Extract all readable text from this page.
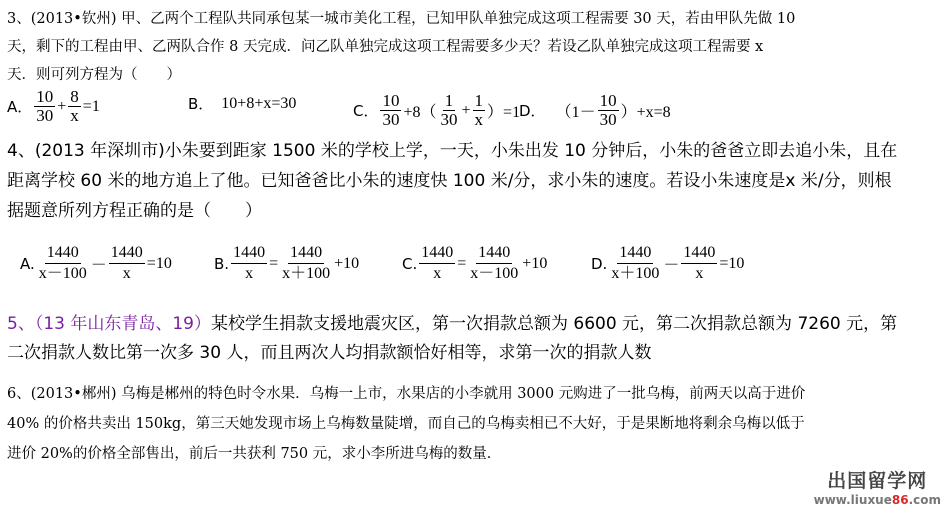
3、(2013•钦州) 甲、乙两个工程队共同承包某一城市美化工程，已知甲队单独完成这项工程需要 30 天，若由甲队先做 10
天，剩下的工程由甲、乙两队合作 8 天完成．问乙队单独完成这项工程需要多少天？若设乙队单独完成这项工程需要 x
天．则可列方程为（　　）
A． $\frac{10}{30} + \frac{8}{x} =1$	B． 10+8+x=30	C． $\frac{10}{30} +8( \frac{1}{30} + \frac{1}{x} )=1$
D． $(1- \frac{10}{30} )+x=8$
4、(2013 年深圳市)小朱要到距家 1500 米的学校上学，一天，小朱出发 10 分钟后，小朱的爸爸立即去追小朱，且在
距离学校 60 米的地方追上了他。已知爸爸比小朱的速度快 100 米/分，求小朱的速度。若设小朱速度是x 米/分，则根
据题意所列方程正确的是（　　）
A. $\frac{1440}{x-100} - \frac{1440}{x} =10$	B. $\frac{1440}{x} = \frac{1440}{x+100} +10$	C. $\frac{1440}{x} = \frac{1440}{x-100} +10$	D. $\frac{1440}{x+100} - \frac{1440}{x} =10$
5、（13 年山东青岛、19）某校学生捐款支援地震灾区，第一次捐款总额为 6600 元，第二次捐款总额为 7260 元，第
二次捐款人数比第一次多 30 人，而且两次人均捐款额恰好相等，求第一次的捐款人数
6、(2013•郴州) 乌梅是郴州的特色时令水果．乌梅一上市，水果店的小李就用 3000 元购进了一批乌梅，前两天以高于进价
40% 的价格共卖出 150kg，第三天她发现市场上乌梅数量陡增，而自己的乌梅卖相已不大好，于是果断地将剩余乌梅以低于
进价 20%的价格全部售出，前后一共获利 750 元，求小李所进乌梅的数量．
出国留学网
www.liuxue86.com
